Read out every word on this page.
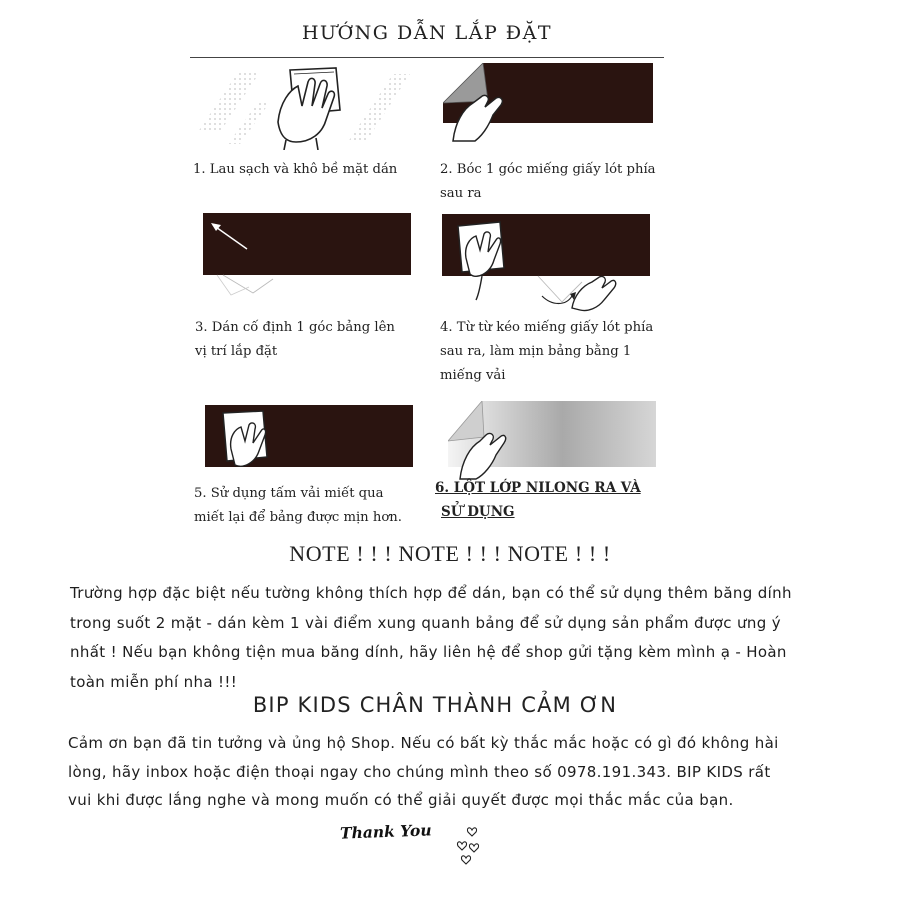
HƯỚNG DẪN LẮP ĐẶT
1. Lau sạch và khô bề mặt dán	2. Bóc 1 góc miếng giấy lót phía
sau ra
3. Dán cố định 1 góc bảng lên
vị trí lắp đặt
4. Từ từ kéo miếng giấy lót phía
sau ra, làm mịn bảng bằng 1
miếng vải
5. Sử dụng tấm vải miết qua
miết lại để bảng được mịn hơn.
6. LỘT LỚP NILONG RA VÀ
SỬ DỤNG
NOTE ! ! ! NOTE ! ! ! NOTE ! ! !
Trường hợp đặc biệt nếu tường không thích hợp để dán, bạn có thể sử dụng thêm băng dính
trong suốt 2 mặt - dán kèm 1 vài điểm xung quanh bảng để sử dụng sản phẩm được ưng ý
nhất ! Nếu bạn không tiện mua băng dính, hãy liên hệ để shop gửi tặng kèm mình ạ - Hoàn
toàn miễn phí nha !!!
BIP KIDS CHÂN THÀNH CẢM ƠN
Cảm ơn bạn đã tin tưởng và ủng hộ Shop. Nếu có bất kỳ thắc mắc hoặc có gì đó không hài
lòng, hãy inbox hoặc điện thoại ngay cho chúng mình theo số 0978.191.343. BIP KIDS rất
vui khi được lắng nghe và mong muốn có thể giải quyết được mọi thắc mắc của bạn.
Thank You
